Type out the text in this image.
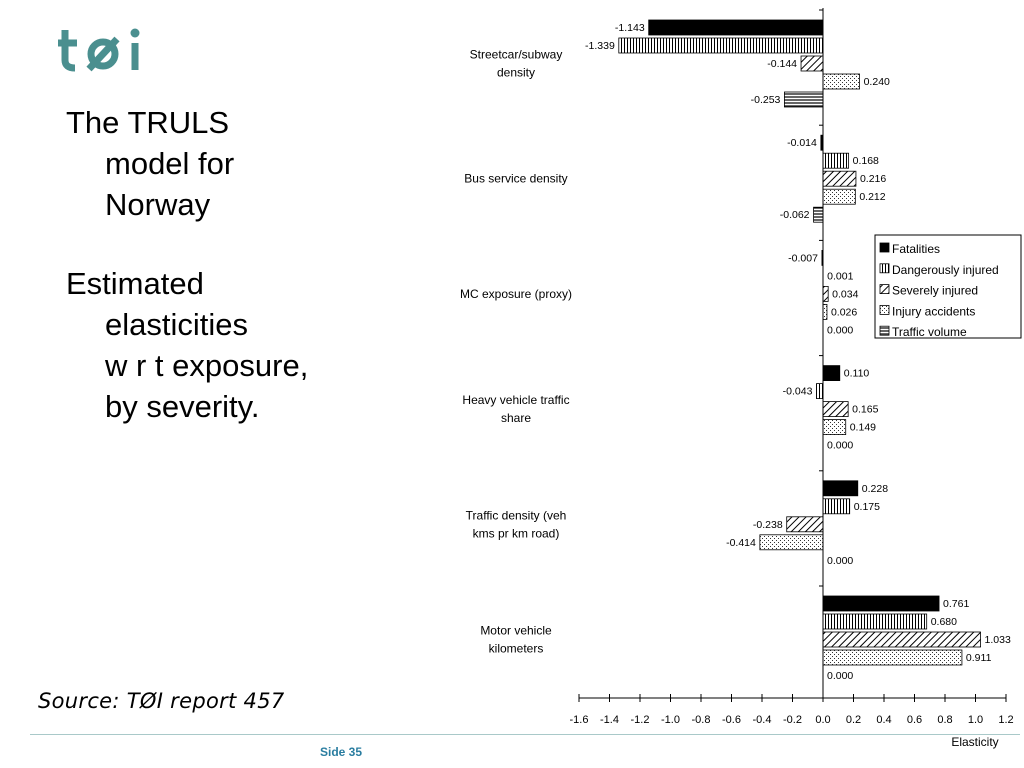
The TRULS
model for
Norway
Estimated
elasticities
w r t exposure,
by severity.
Source: TØI report 457
Side 35
-1.143
-1.339
-0.144
0.240
-0.253
-0.014
0.168
0.216
0.212
-0.062
-0.007
0.001
0.034
0.026
0.000
0.110
-0.043
0.165
0.149
0.000
0.228
0.175
-0.238
-0.414
0.000
0.761
0.680
1.033
0.911
0.000
-1.6 -1.4 -1.2 -1.0 -0.8 -0.6 -0.4 -0.2 0.0 0.2 0.4 0.6 0.8 1.0 1.2
Elasticity
Streetcar/subway
density
Bus service density
MC exposure (proxy)
Heavy vehicle traffic
share
Traffic density (veh
kms pr km road)
Motor vehicle
kilometers
Fatalities
Dangerously injured
Severely injured
Injury accidents
Traffic volume
